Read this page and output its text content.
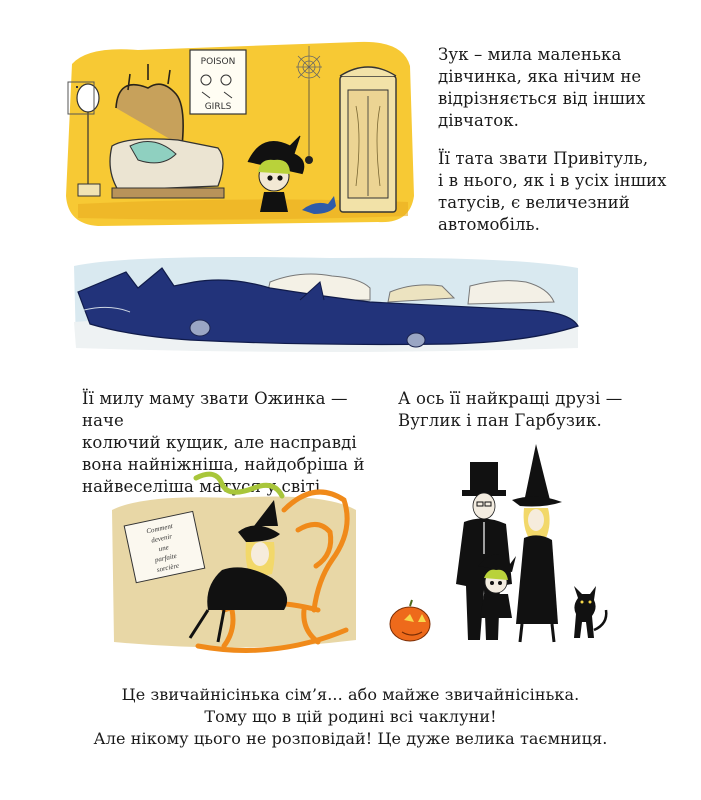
POISON
GIRLS

Зук – мила маленька

дівчинка, яка нічим не

відрізняється від інших

дівчаток.

Її тата звати Привітуль,

і в нього, як і в усіх інших

татусів, є величезний

автомобіль.

Її милу маму звати Ожинка — наче

колючий кущик, але насправді

вона найніжніша, найдобріша й

найвеселіша матуся у світі.

А ось її найкращі друзі —

Вуглик і пан Гарбузик.

Comment
devenir
une
parfaite
sorcière

Це звичайнісінька сім’я... або майже звичайнісінька.

Тому що в цій родині всі чаклуни!

Але нікому цього не розповідай! Це дуже велика таємниця.
